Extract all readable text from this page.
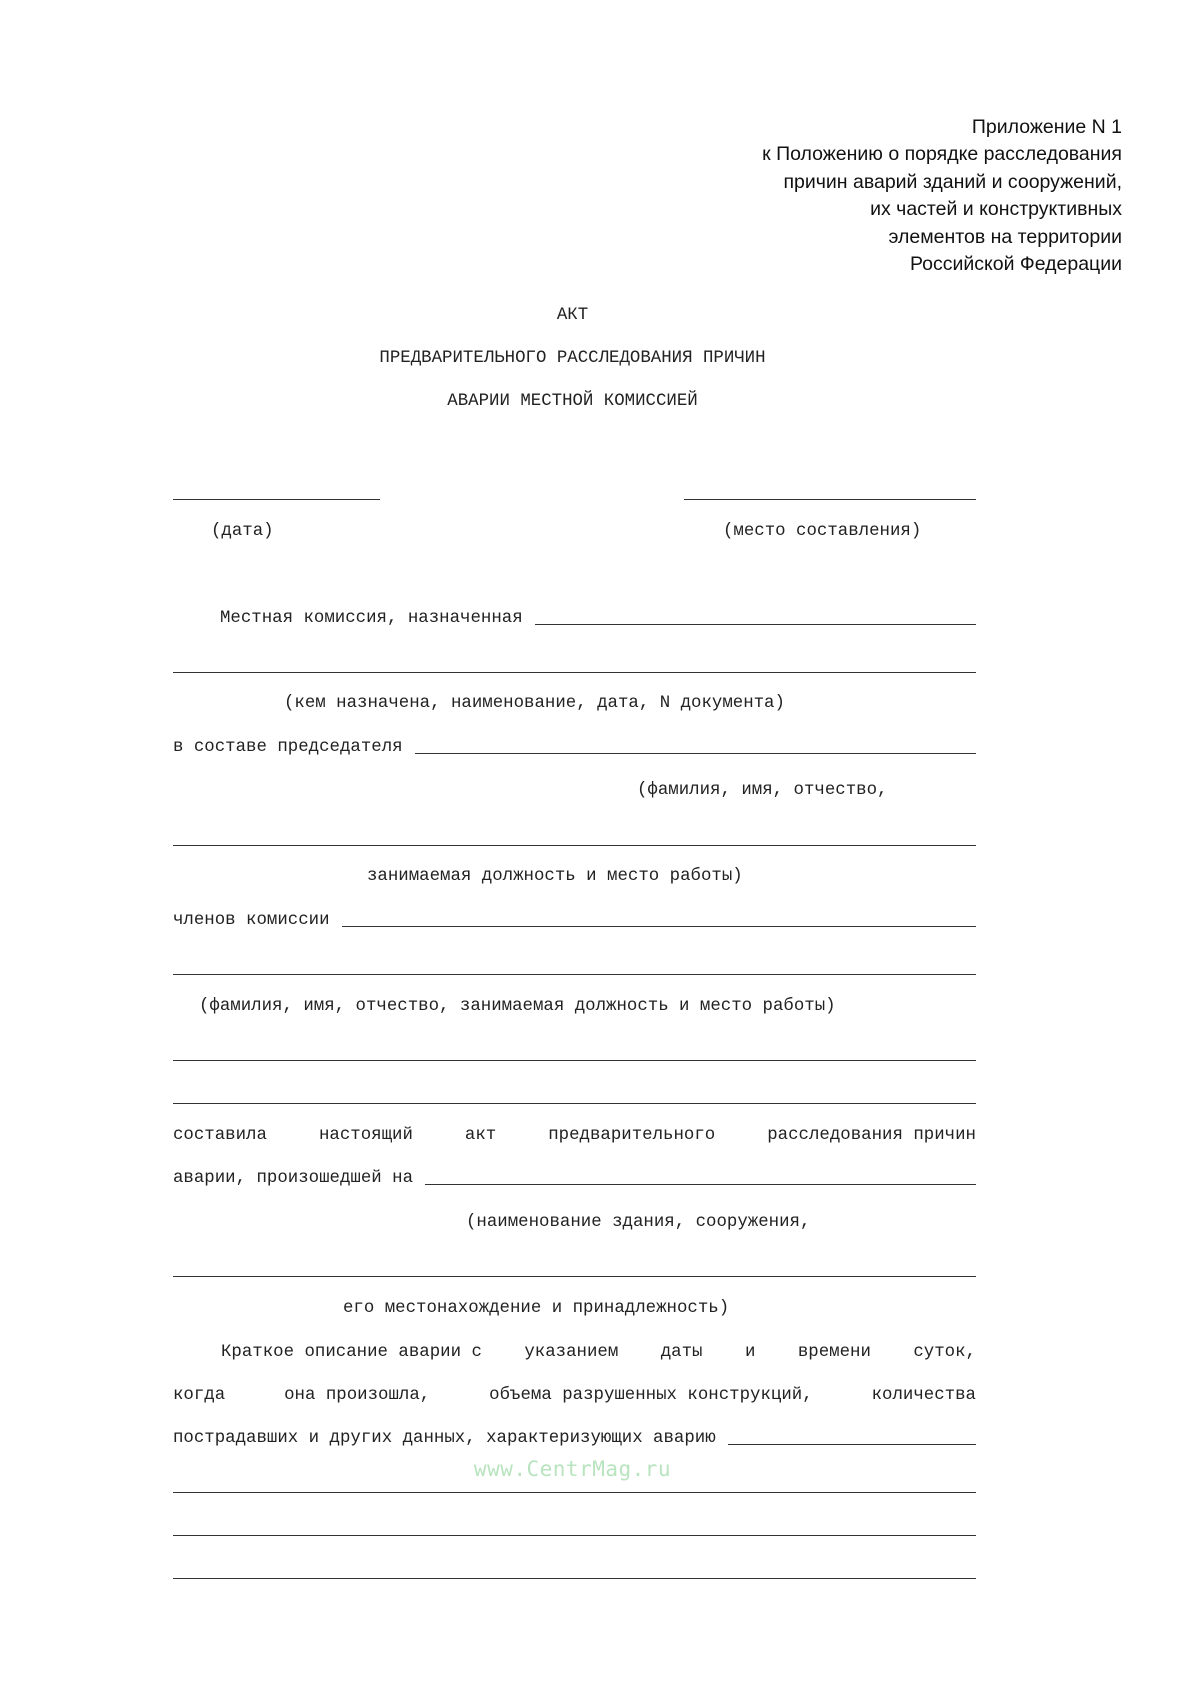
Приложение N 1
к Положению о порядке расследования
причин аварий зданий и сооружений,
их частей и конструктивных
элементов на территории
Российской Федерации
АКТ
ПРЕДВАРИТЕЛЬНОГО РАССЛЕДОВАНИЯ ПРИЧИН
АВАРИИ МЕСТНОЙ КОМИССИЕЙ
(дата)	(место составления)
Местная комиссия, назначенная
(кем назначена, наименование, дата, N документа)
в составе председателя
(фамилия, имя, отчество,
занимаемая должность и место работы)
членов комиссии
(фамилия, имя, отчество, занимаемая должность и место работы)
составила	настоящий	акт	предварительного	расследования причин
аварии, произошедшей на
(наименование здания, сооружения,
его местонахождение и принадлежность)
Краткое описание аварии с указанием даты и времени суток,
когда	она произошла,	объема разрушенных конструкций,	количества
пострадавших и других данных, характеризующих аварию
www.CentrMag.ru
